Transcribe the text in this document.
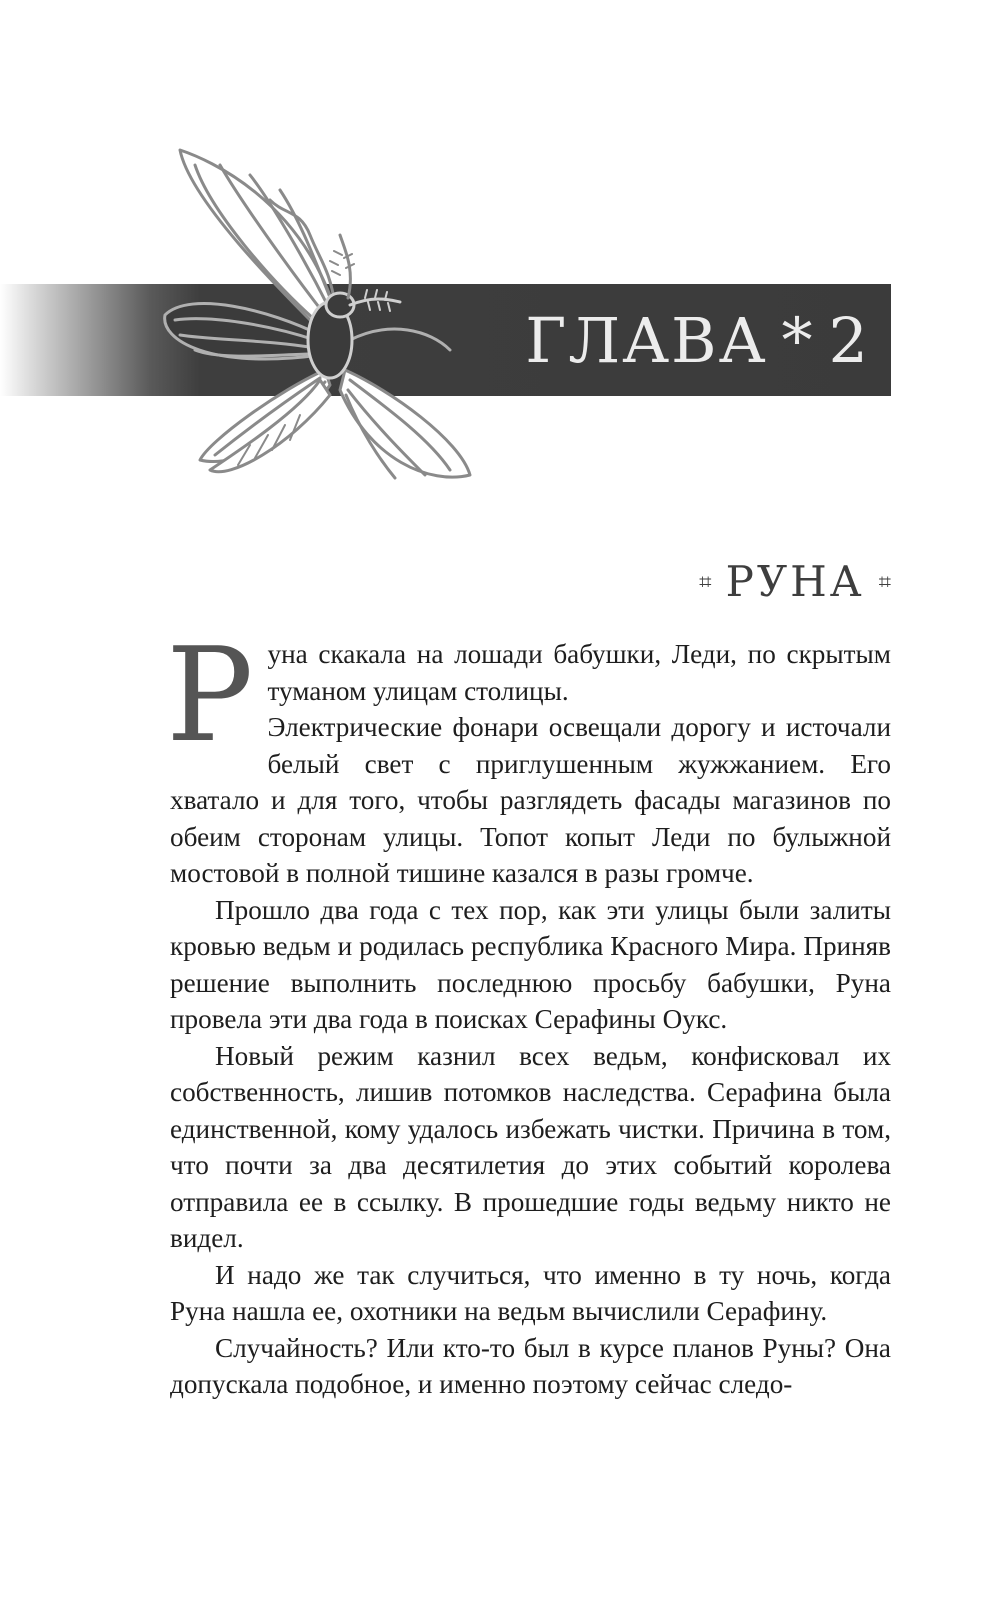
ГЛАВА * 2
⌗ РУНА ⌗

Руна скакала на лошади бабушки, Леди, по скрытым туманом улицам столицы.
Электрические фонари освещали дорогу и источали белый свет с приглушенным жужжанием. Его хватало и для того, чтобы разглядеть фасады магазинов по обеим сторонам улицы. Топот копыт Леди по булыжной мостовой в полной тишине казался в разы громче.

Прошло два года с тех пор, как эти улицы были залиты кровью ведьм и родилась республика Красного Мира. Приняв решение выполнить последнюю просьбу бабушки, Руна провела эти два года в поисках Серафины Оукс.

Новый режим казнил всех ведьм, конфисковал их собственность, лишив потомков наследства. Серафина была единственной, кому удалось избежать чистки. Причина в том, что почти за два десятилетия до этих событий королева отправила ее в ссылку. В прошедшие годы ведьму никто не видел.

И надо же так случиться, что именно в ту ночь, когда Руна нашла ее, охотники на ведьм вычислили Серафину.

Случайность? Или кто-то был в курсе планов Руны? Она допускала подобное, и именно поэтому сейчас следо-
